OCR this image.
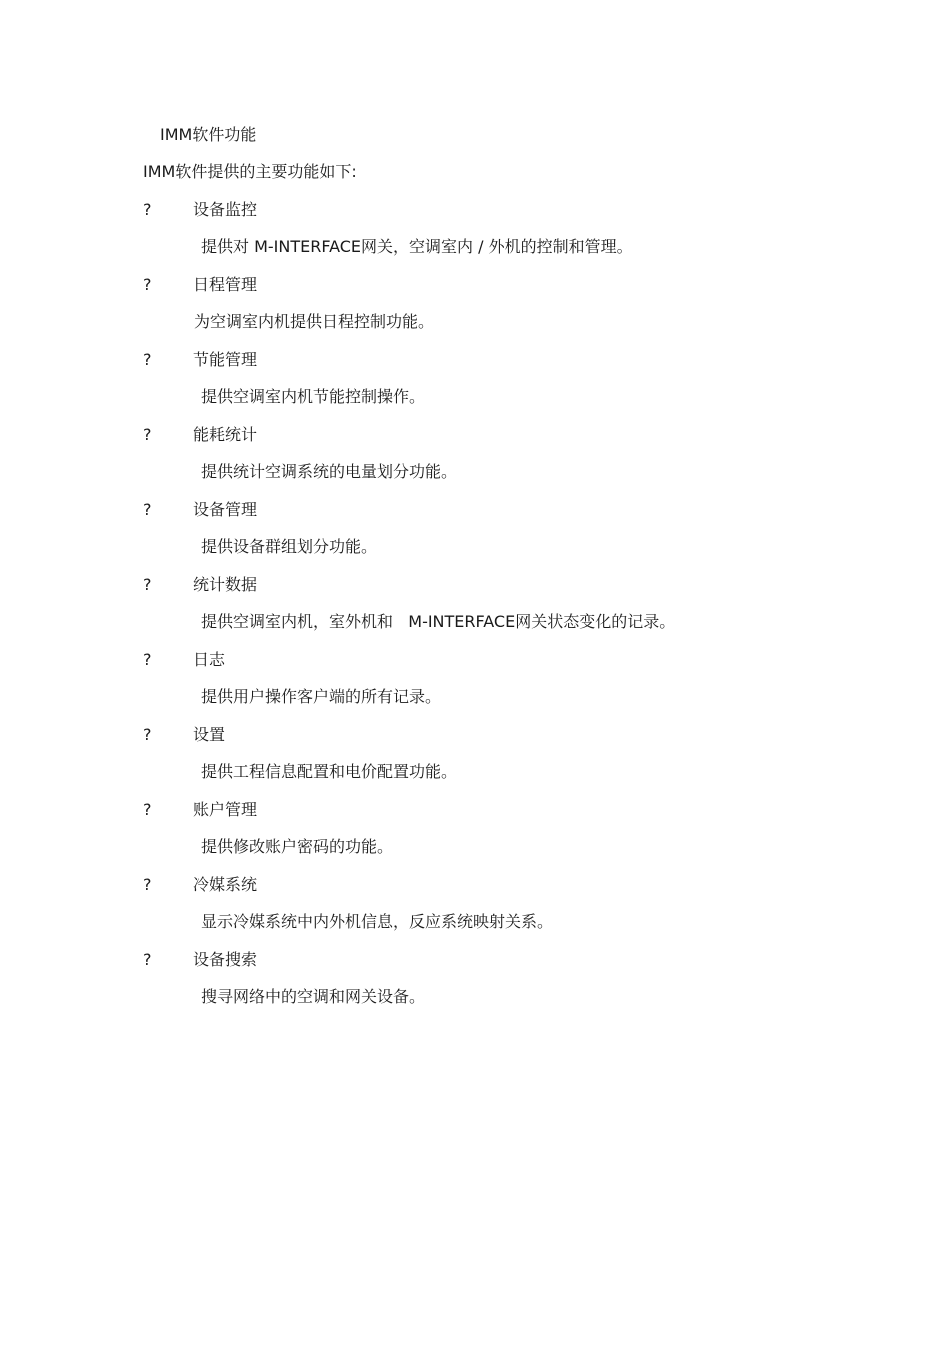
IMM软件功能
IMM软件提供的主要功能如下:
?	设备监控
提供对 M-INTERFACE网关，空调室内 / 外机的控制和管理。
?	日程管理
为空调室内机提供日程控制功能。
?	节能管理
提供空调室内机节能控制操作。
?	能耗统计
提供统计空调系统的电量划分功能。
?	设备管理
提供设备群组划分功能。
?	统计数据
提供空调室内机，室外机和   M-INTERFACE网关状态变化的记录。
?	日志
提供用户操作客户端的所有记录。
?	设置
提供工程信息配置和电价配置功能。
?	账户管理
提供修改账户密码的功能。
?	冷媒系统
显示冷媒系统中内外机信息，反应系统映射关系。
?	设备搜索
搜寻网络中的空调和网关设备。
